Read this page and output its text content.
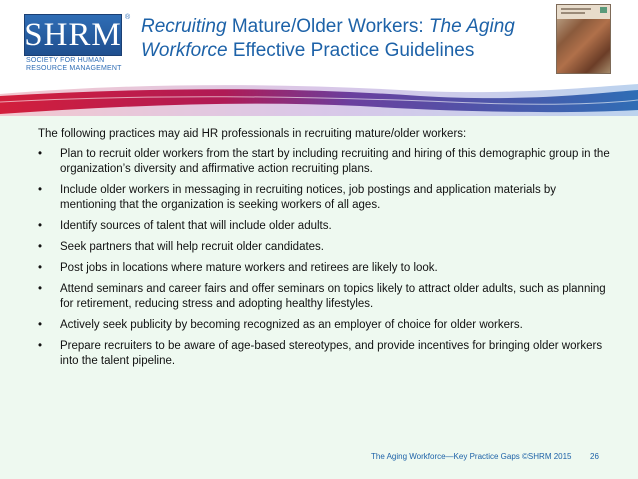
SHRM ®
SOCIETY FOR HUMAN
RESOURCE MANAGEMENT
Recruiting Mature/Older Workers: The Aging Workforce Effective Practice Guidelines
The following practices may aid HR professionals in recruiting mature/older workers:
• Plan to recruit older workers from the start by including recruiting and hiring of this demographic group in the organization’s diversity and affirmative action recruiting plans.
• Include older workers in messaging in recruiting notices, job postings and application materials by mentioning that the organization is seeking workers of all ages.
• Identify sources of talent that will include older adults.
• Seek partners that will help recruit older candidates.
• Post jobs in locations where mature workers and retirees are likely to look.
• Attend seminars and career fairs and offer seminars on topics likely to attract older adults, such as planning for retirement, reducing stress and adopting healthy lifestyles.
• Actively seek publicity by becoming recognized as an employer of choice for older workers.
• Prepare recruiters to be aware of age-based stereotypes, and provide incentives for bringing older workers into the talent pipeline.
The Aging Workforce—Key Practice Gaps ©SHRM 2015 26
